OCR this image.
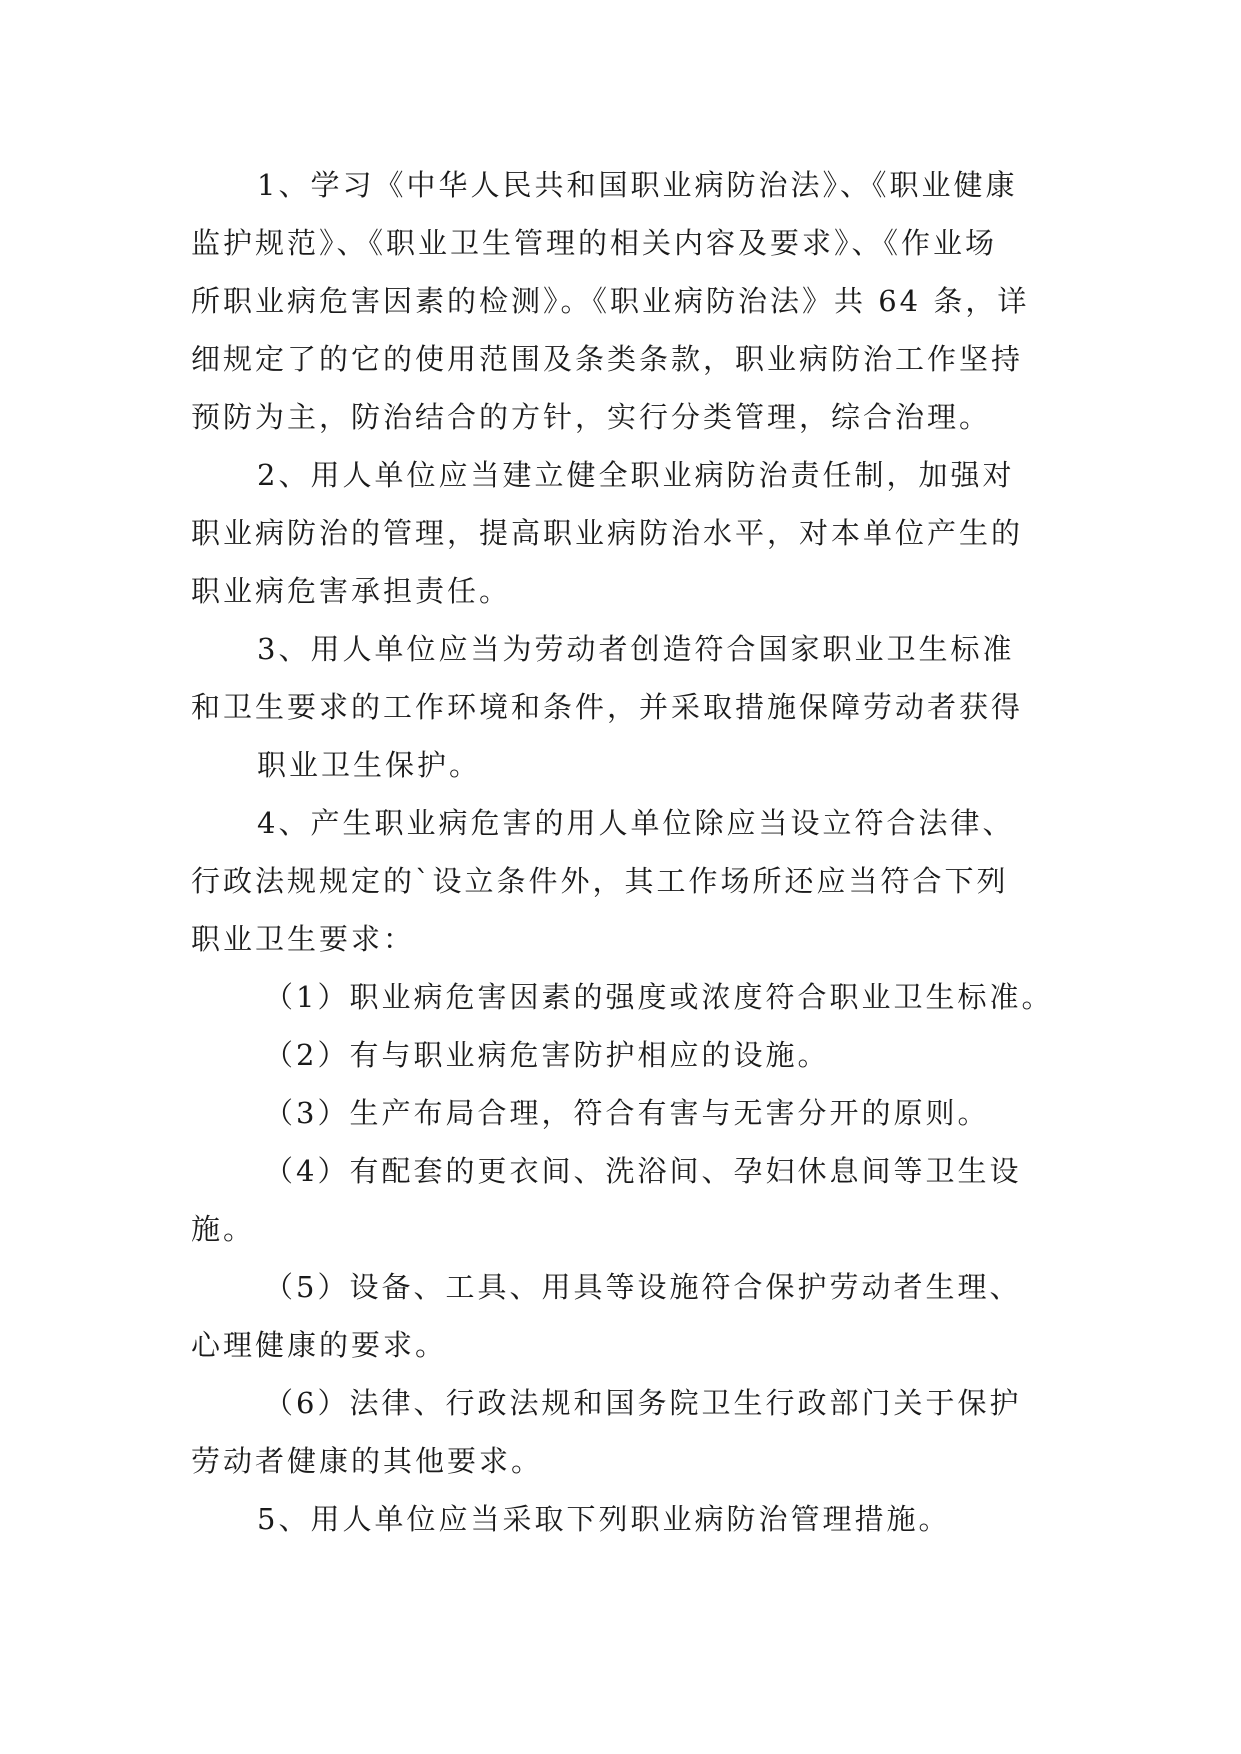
1、学习《中华人民共和国职业病防治法》、《职业健康
监护规范》、《职业卫生管理的相关内容及要求》、《作业场
所职业病危害因素的检测》。《职业病防治法》共 64 条，详
细规定了的它的使用范围及条类条款，职业病防治工作坚持
预防为主，防治结合的方针，实行分类管理，综合治理。
2、用人单位应当建立健全职业病防治责任制，加强对
职业病防治的管理，提高职业病防治水平，对本单位产生的
职业病危害承担责任。
3、用人单位应当为劳动者创造符合国家职业卫生标准
和卫生要求的工作环境和条件，并采取措施保障劳动者获得
职业卫生保护。
4、产生职业病危害的用人单位除应当设立符合法律、
行政法规规定的`设立条件外，其工作场所还应当符合下列
职业卫生要求：
（1）职业病危害因素的强度或浓度符合职业卫生标准。
（2）有与职业病危害防护相应的设施。
（3）生产布局合理，符合有害与无害分开的原则。
（4）有配套的更衣间、洗浴间、孕妇休息间等卫生设
施。
（5）设备、工具、用具等设施符合保护劳动者生理、
心理健康的要求。
（6）法律、行政法规和国务院卫生行政部门关于保护
劳动者健康的其他要求。
5、用人单位应当采取下列职业病防治管理措施。
